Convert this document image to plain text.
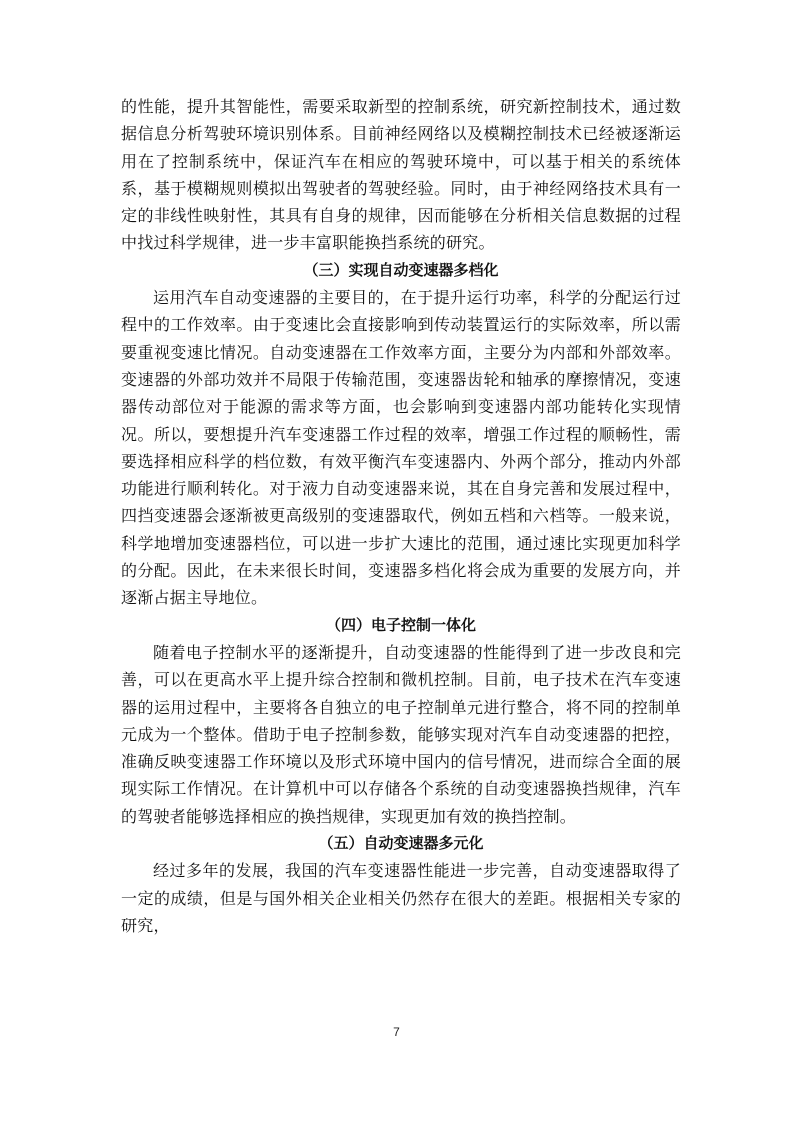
的性能，提升其智能性，需要采取新型的控制系统，研究新控制技术，通过数据信息分析驾驶环境识别体系。目前神经网络以及模糊控制技术已经被逐渐运用在了控制系统中，保证汽车在相应的驾驶环境中，可以基于相关的系统体系，基于模糊规则模拟出驾驶者的驾驶经验。同时，由于神经网络技术具有一定的非线性映射性，其具有自身的规律，因而能够在分析相关信息数据的过程中找过科学规律，进一步丰富职能换挡系统的研究。

（三）实现自动变速器多档化

运用汽车自动变速器的主要目的，在于提升运行功率，科学的分配运行过程中的工作效率。由于变速比会直接影响到传动装置运行的实际效率，所以需要重视变速比情况。自动变速器在工作效率方面，主要分为内部和外部效率。变速器的外部功效并不局限于传输范围，变速器齿轮和轴承的摩擦情况，变速器传动部位对于能源的需求等方面，也会影响到变速器内部功能转化实现情况。所以，要想提升汽车变速器工作过程的效率，增强工作过程的顺畅性，需要选择相应科学的档位数，有效平衡汽车变速器内、外两个部分，推动内外部功能进行顺利转化。对于液力自动变速器来说，其在自身完善和发展过程中，四挡变速器会逐渐被更高级别的变速器取代，例如五档和六档等。一般来说，科学地增加变速器档位，可以进一步扩大速比的范围，通过速比实现更加科学的分配。因此，在未来很长时间，变速器多档化将会成为重要的发展方向，并逐渐占据主导地位。

（四）电子控制一体化

随着电子控制水平的逐渐提升，自动变速器的性能得到了进一步改良和完善，可以在更高水平上提升综合控制和微机控制。目前，电子技术在汽车变速器的运用过程中，主要将各自独立的电子控制单元进行整合，将不同的控制单元成为一个整体。借助于电子控制参数，能够实现对汽车自动变速器的把控，准确反映变速器工作环境以及形式环境中国内的信号情况，进而综合全面的展现实际工作情况。在计算机中可以存储各个系统的自动变速器换挡规律，汽车的驾驶者能够选择相应的换挡规律，实现更加有效的换挡控制。

（五）自动变速器多元化

经过多年的发展，我国的汽车变速器性能进一步完善，自动变速器取得了一定的成绩，但是与国外相关企业相关仍然存在很大的差距。根据相关专家的研究，

7
